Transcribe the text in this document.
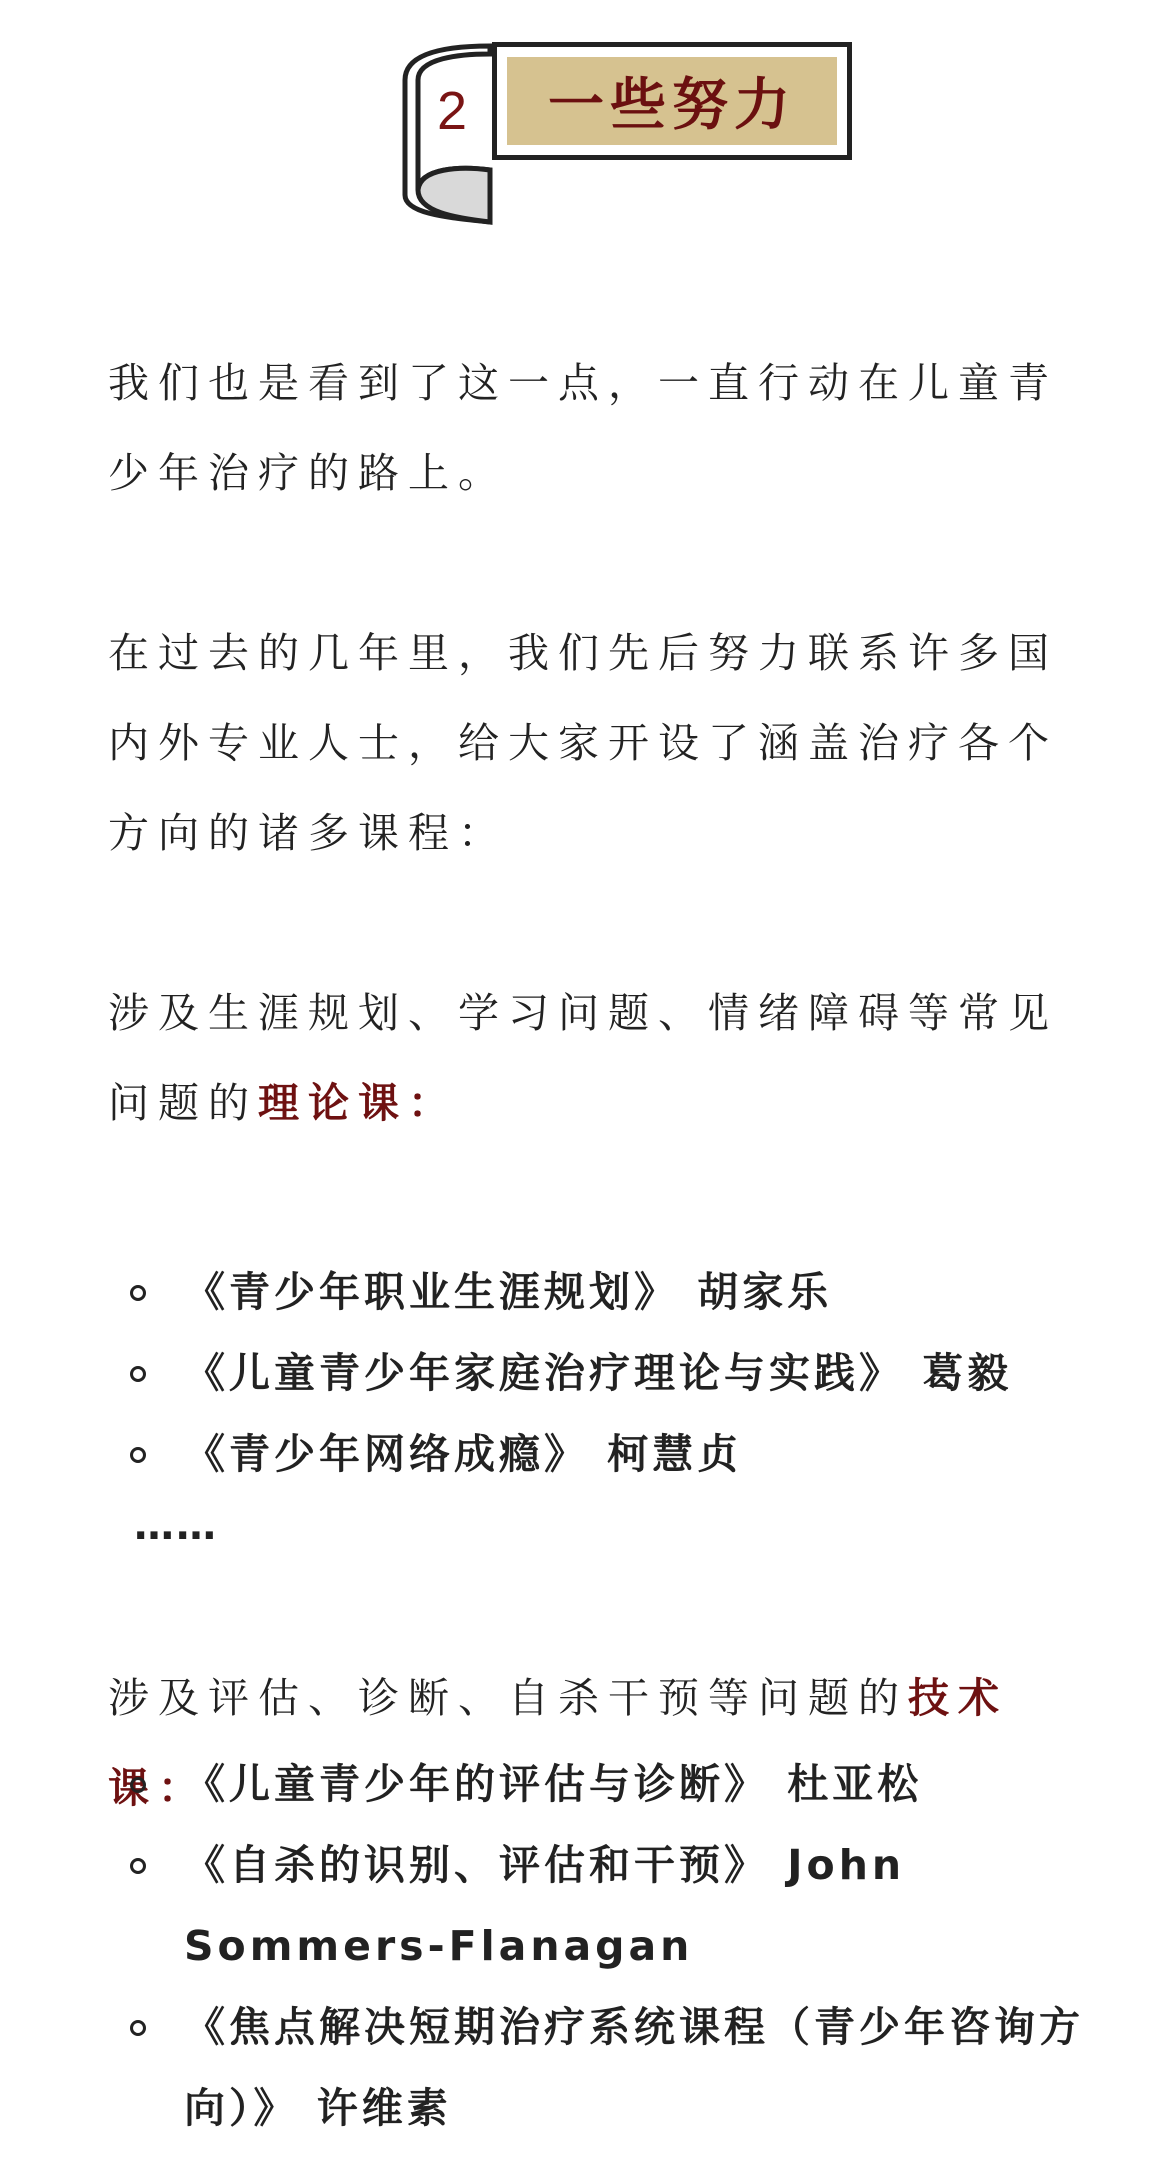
2 一些努力
我们也是看到了这一点，一直行动在儿童青少年治疗的路上。
在过去的几年里，我们先后努力联系许多国内外专业人士，给大家开设了涵盖治疗各个方向的诸多课程：
涉及生涯规划、学习问题、情绪障碍等常见问题的理论课：
《青少年职业生涯规划》 胡家乐
《儿童青少年家庭治疗理论与实践》 葛毅
《青少年网络成瘾》 柯慧贞
……
涉及评估、诊断、自杀干预等问题的技术课：
《儿童青少年的评估与诊断》 杜亚松
《自杀的识别、评估和干预》 John Sommers-Flanagan
《焦点解决短期治疗系统课程（青少年咨询方向）》 许维素
